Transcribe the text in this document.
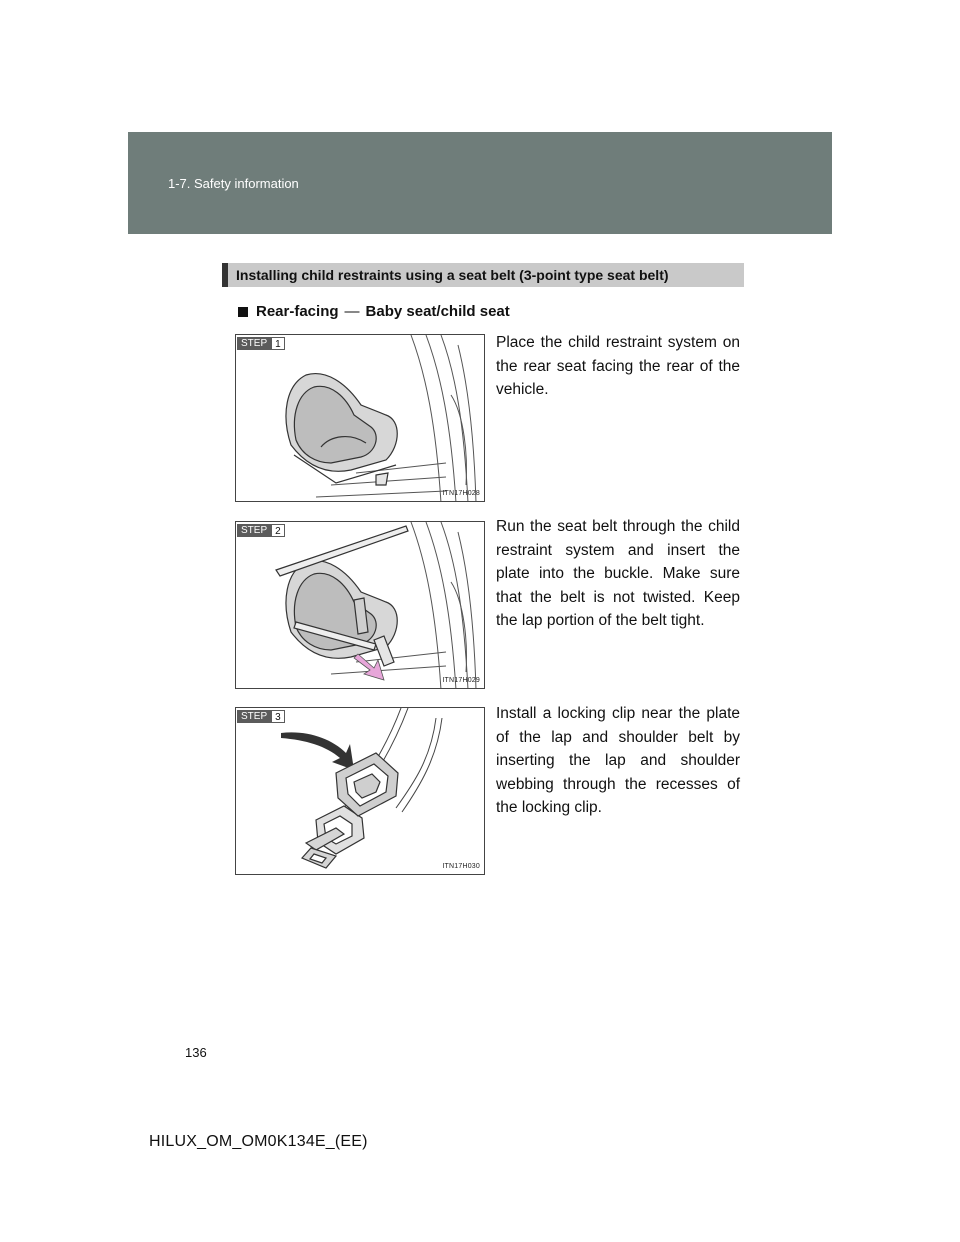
1-7. Safety information
Installing child restraints using a seat belt (3-point type seat belt)
Rear-facing — Baby seat/child seat
STEP 1
ITN17H028
Place the child restraint system on the rear seat facing the rear of the vehicle.
STEP 2
ITN17H029
Run the seat belt through the child restraint system and insert the plate into the buckle. Make sure that the belt is not twisted. Keep the lap portion of the belt tight.
STEP 3
ITN17H030
Install a locking clip near the plate of the lap and shoulder belt by inserting the lap and shoulder webbing through the recesses of the locking clip.
136
HILUX_OM_OM0K134E_(EE)
